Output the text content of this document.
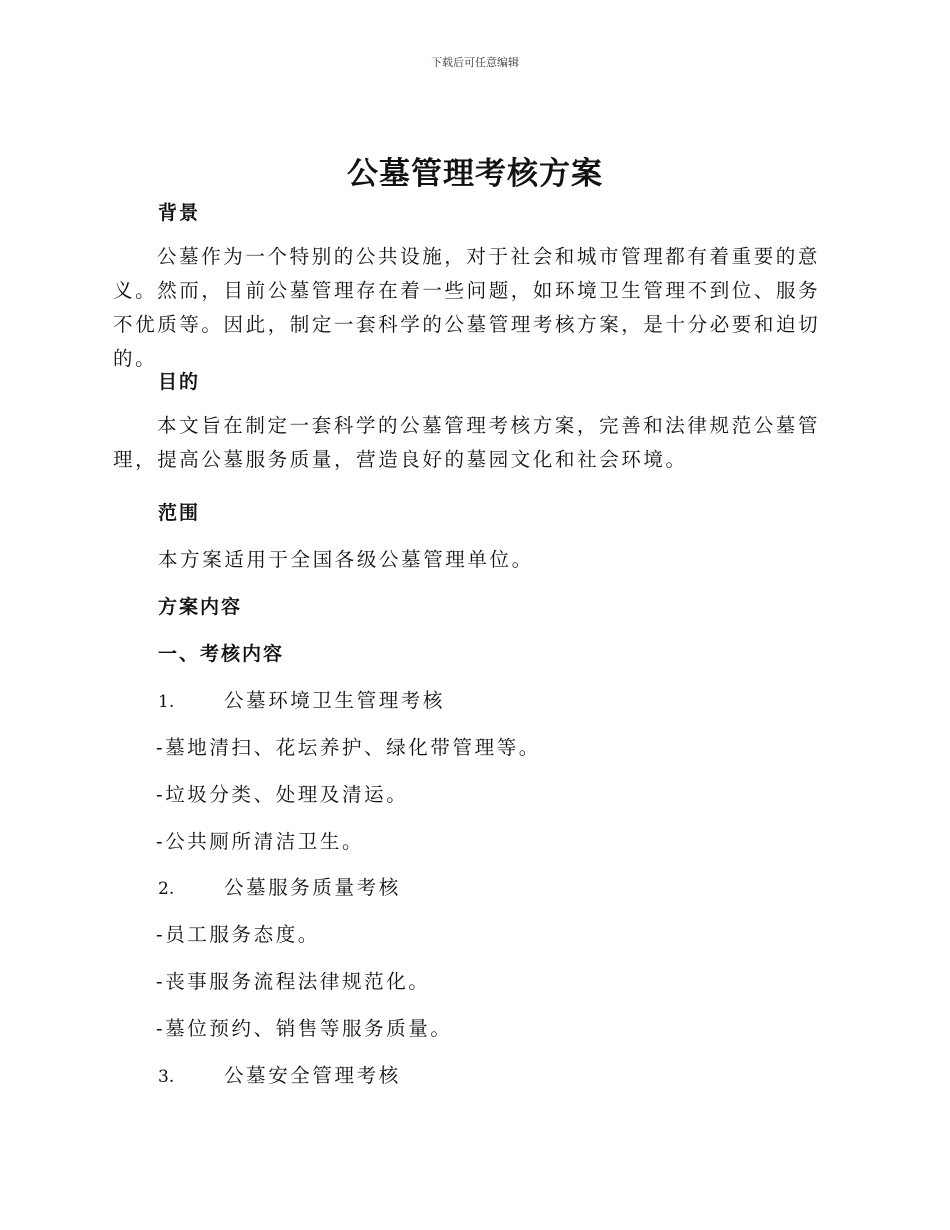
下载后可任意编辑
公墓管理考核方案
背景
公墓作为一个特别的公共设施，对于社会和城市管理都有着重要的意义。然而，目前公墓管理存在着一些问题，如环境卫生管理不到位、服务不优质等。因此，制定一套科学的公墓管理考核方案，是十分必要和迫切的。
目的
本文旨在制定一套科学的公墓管理考核方案，完善和法律规范公墓管理，提高公墓服务质量，营造良好的墓园文化和社会环境。
范围
本方案适用于全国各级公墓管理单位。
方案内容
一、考核内容
1.	公墓环境卫生管理考核
-墓地清扫、花坛养护、绿化带管理等。
-垃圾分类、处理及清运。
-公共厕所清洁卫生。
2.	公墓服务质量考核
-员工服务态度。
-丧事服务流程法律规范化。
-墓位预约、销售等服务质量。
3.	公墓安全管理考核
